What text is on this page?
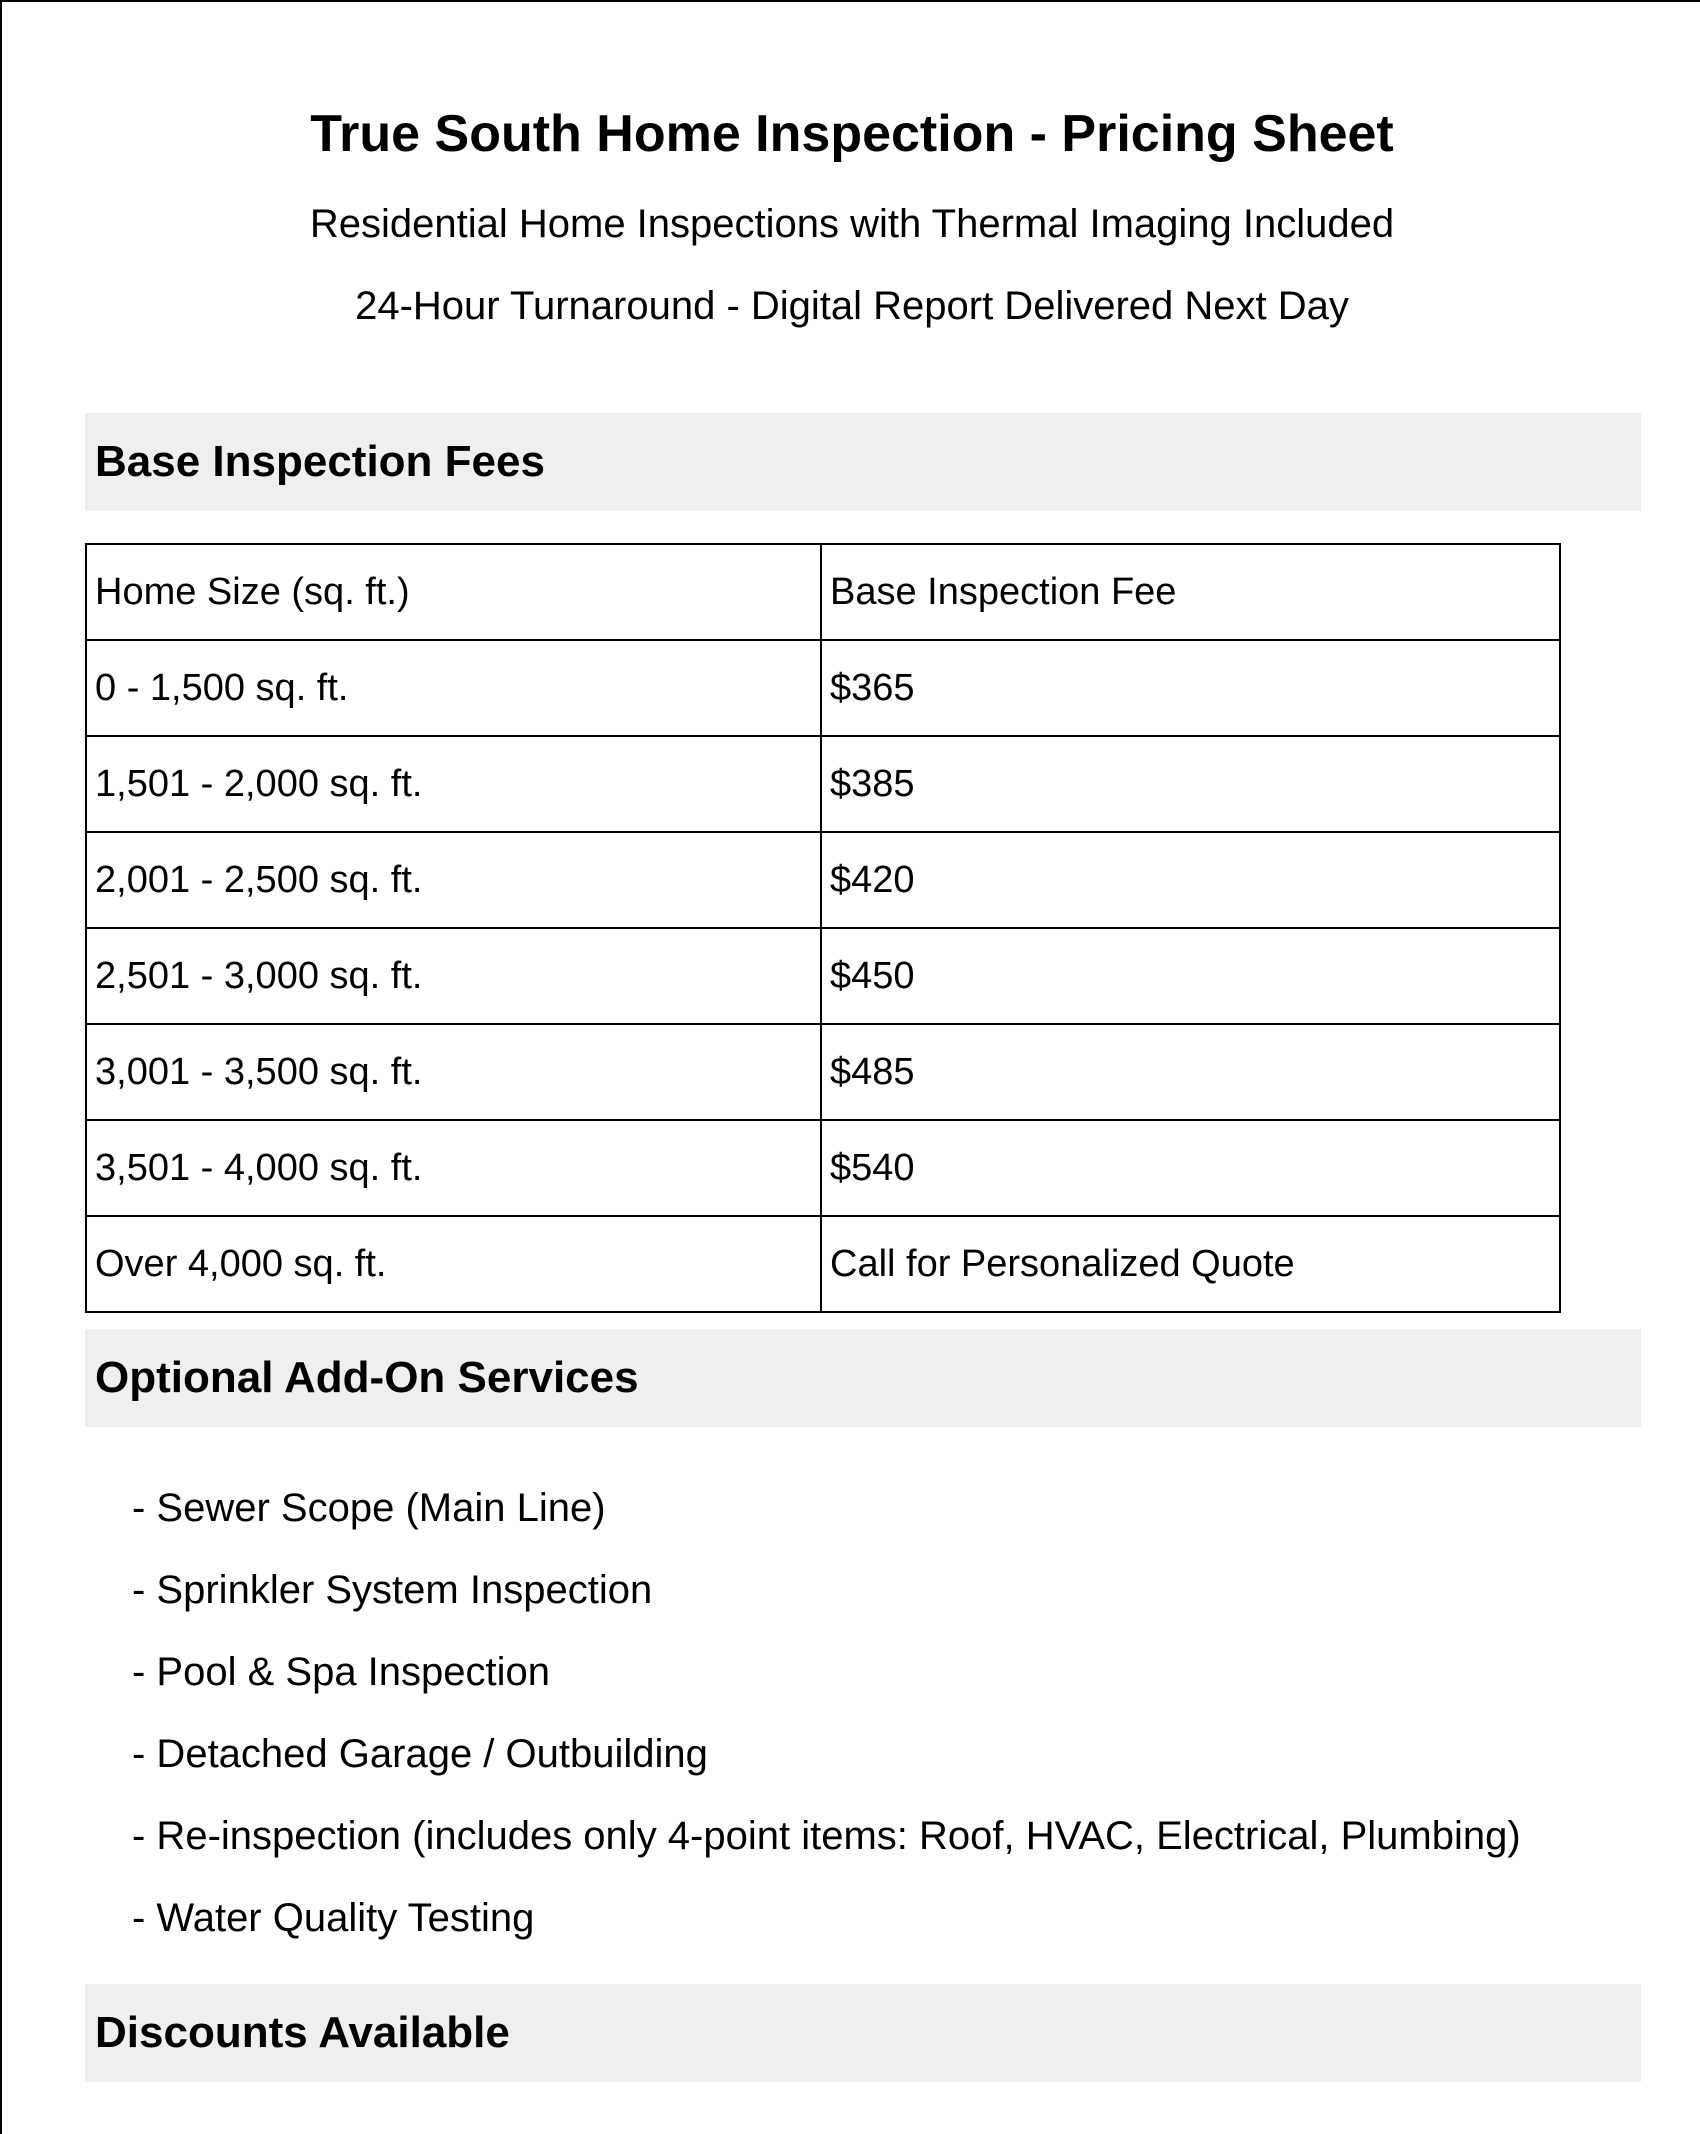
True South Home Inspection - Pricing Sheet
Residential Home Inspections with Thermal Imaging Included
24-Hour Turnaround - Digital Report Delivered Next Day
Base Inspection Fees
Home Size (sq. ft.)	Base Inspection Fee
0 - 1,500 sq. ft.	$365
1,501 - 2,000 sq. ft.	$385
2,001 - 2,500 sq. ft.	$420
2,501 - 3,000 sq. ft.	$450
3,001 - 3,500 sq. ft.	$485
3,501 - 4,000 sq. ft.	$540
Over 4,000 sq. ft.	Call for Personalized Quote
Optional Add-On Services
- Sewer Scope (Main Line)
- Sprinkler System Inspection
- Pool & Spa Inspection
- Detached Garage / Outbuilding
- Re-inspection (includes only 4-point items: Roof, HVAC, Electrical, Plumbing)
- Water Quality Testing
Discounts Available
